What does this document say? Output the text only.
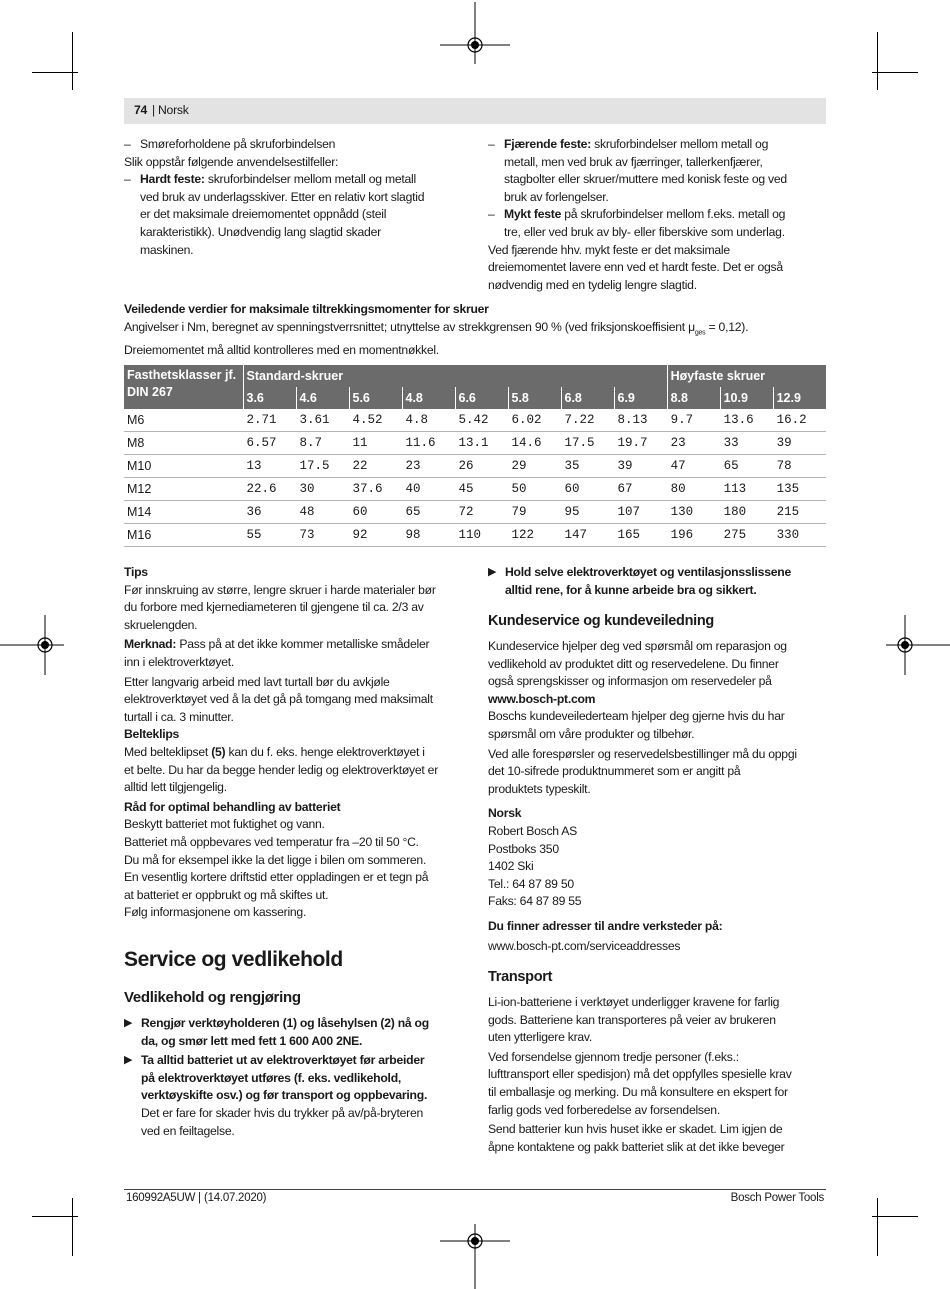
74 | Norsk
– Smøreforholdene på skruforbindelsen

Slik oppstår følgende anvendelsestilfeller:

– Hardt feste: skruforbindelser mellom metall og metall
ved bruk av underlagsskiver. Etter en relativ kort slagtid
er det maksimale dreiemomentet oppnådd (steil
karakteristikk). Unødvendig lang slagtid skader
maskinen.
– Fjærende feste: skruforbindelser mellom metall og
metall, men ved bruk av fjærringer, tallerkenfjærer,
stagbolter eller skruer/muttere med konisk feste og ved
bruk av forlengelser.
– Mykt feste på skruforbindelser mellom f.eks. metall og
tre, eller ved bruk av bly- eller fiberskive som underlag.
Ved fjærende hhv. mykt feste er det maksimale
dreiemomentet lavere enn ved et hardt feste. Det er også
nødvendig med en tydelig lengre slagtid.
Veiledende verdier for maksimale tiltrekkingsmomenter for skruer
Angivelser i Nm, beregnet av spenningstverrsnittet; utnyttelse av strekkgrensen 90 % (ved friksjonskoeffisient $\mu_{ges} = 0,12$).
Dreiemomentet må alltid kontrolleres med en momentnøkkel.
Fasthetsklasser jf. DIN 267	Standard-skruer								Høyfaste skruer		
	3.6	4.6	5.6	4.8	6.6	5.8	6.8	6.9	8.8	10.9	12.9
M6	2.71	3.61	4.52	4.8	5.42	6.02	7.22	8.13	9.7	13.6	16.2
M8	6.57	8.7	11	11.6	13.1	14.6	17.5	19.7	23	33	39
M10	13	17.5	22	23	26	29	35	39	47	65	78
M12	22.6	30	37.6	40	45	50	60	67	80	113	135
M14	36	48	60	65	72	79	95	107	130	180	215
M16	55	73	92	98	110	122	147	165	196	275	330
Tips
Før innskruing av større, lengre skruer i harde materialer bør
du forbore med kjernediameteren til gjengene til ca. 2/3 av
skruelengden.
Merknad: Pass på at det ikke kommer metalliske smådeler
inn i elektroverktøyet.
Etter langvarig arbeid med lavt turtall bør du avkjøle
elektroverktøyet ved å la det gå på tomgang med maksimalt
turtall i ca. 3 minutter.
Belteklips
Med belteklipset (5) kan du f. eks. henge elektroverktøyet i
et belte. Du har da begge hender ledig og elektroverktøyet er
alltid lett tilgjengelig.
Råd for optimal behandling av batteriet
Beskytt batteriet mot fuktighet og vann.
Batteriet må oppbevares ved temperatur fra –20 til 50 °C.
Du må for eksempel ikke la det ligge i bilen om sommeren.
En vesentlig kortere driftstid etter oppladingen er et tegn på
at batteriet er oppbrukt og må skiftes ut.
Følg informasjonene om kassering.
Service og vedlikehold
Vedlikehold og rengjøring
▶ Rengjør verktøyholderen (1) og låsehylsen (2) nå og
da, og smør lett med fett 1 600 A00 2NE.
▶ Ta alltid batteriet ut av elektroverktøyet før arbeider
på elektroverktøyet utføres (f. eks. vedlikehold,
verktøyskifte osv.) og før transport og oppbevaring.
Det er fare for skader hvis du trykker på av/på-bryteren
ved en feiltagelse.
▶ Hold selve elektroverktøyet og ventilasjonsslissene
alltid rene, for å kunne arbeide bra og sikkert.
Kundeservice og kundeveiledning
Kundeservice hjelper deg ved spørsmål om reparasjon og
vedlikehold av produktet ditt og reservedelene. Du finner
også sprengskisser og informasjon om reservedeler på
www.bosch-pt.com
Boschs kundeveilederteam hjelper deg gjerne hvis du har
spørsmål om våre produkter og tilbehør.
Ved alle forespørsler og reservedelsbestillinger må du oppgi
det 10-sifrede produktnummeret som er angitt på
produktets typeskilt.
Norsk
Robert Bosch AS
Postboks 350
1402 Ski
Tel.: 64 87 89 50
Faks: 64 87 89 55
Du finner adresser til andre verksteder på:
www.bosch-pt.com/serviceaddresses
Transport
Li-ion-batteriene i verktøyet underligger kravene for farlig
gods. Batteriene kan transporteres på veier av brukeren
uten ytterligere krav.
Ved forsendelse gjennom tredje personer (f.eks.:
lufttransport eller spedisjon) må det oppfylles spesielle krav
til emballasje og merking. Du må konsultere en ekspert for
farlig gods ved forberedelse av forsendelsen.
Send batterier kun hvis huset ikke er skadet. Lim igjen de
åpne kontaktene og pakk batteriet slik at det ikke beveger
160992A5UW | (14.07.2020)	Bosch Power Tools
